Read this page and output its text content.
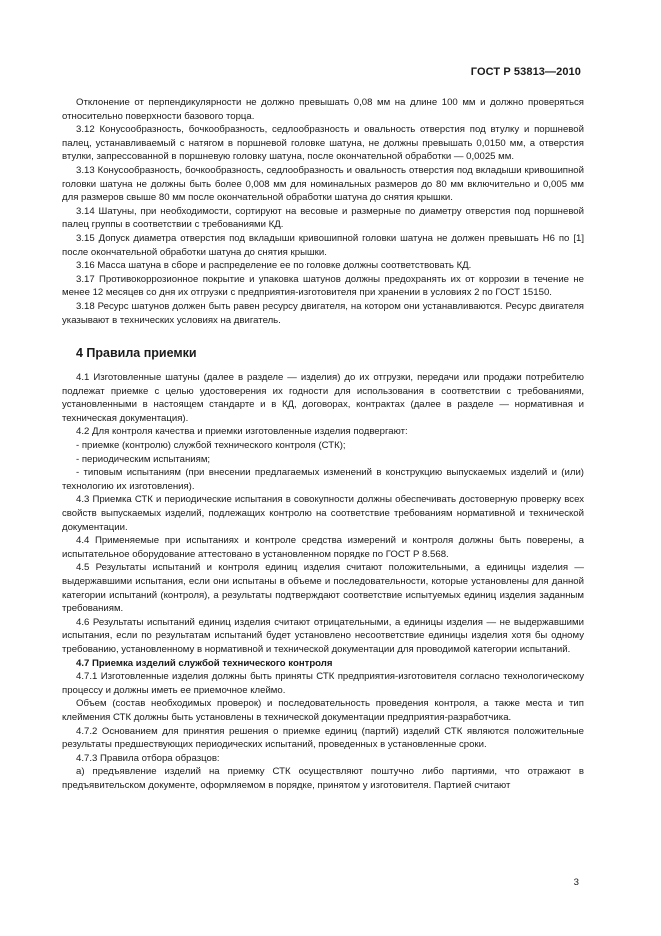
ГОСТ Р 53813—2010

Отклонение от перпендикулярности не должно превышать 0,08 мм на длине 100 мм и должно проверяться относительно поверхности базового торца.

3.12 Конусообразность, бочкообразность, седлообразность и овальность отверстия под втулку и поршневой палец, устанавливаемый с натягом в поршневой головке шатуна, не должны превышать 0,0150 мм, а отверстия втулки, запрессованной в поршневую головку шатуна, после окончательной обработки — 0,0025 мм.

3.13 Конусообразность, бочкообразность, седлообразность и овальность отверстия под вкладыши кривошипной головки шатуна не должны быть более 0,008 мм для номинальных размеров до 80 мм включительно и 0,005 мм для размеров свыше 80 мм после окончательной обработки шатуна до снятия крышки.

3.14 Шатуны, при необходимости, сортируют на весовые и размерные по диаметру отверстия под поршневой палец группы в соответствии с требованиями КД.

3.15 Допуск диаметра отверстия под вкладыши кривошипной головки шатуна не должен превышать Н6 по [1] после окончательной обработки шатуна до снятия крышки.

3.16 Масса шатуна в сборе и распределение ее по головке должны соответствовать КД.

3.17 Противокоррозионное покрытие и упаковка шатунов должны предохранять их от коррозии в течение не менее 12 месяцев со дня их отгрузки с предприятия-изготовителя при хранении в условиях 2 по ГОСТ 15150.

3.18 Ресурс шатунов должен быть равен ресурсу двигателя, на котором они устанавливаются. Ресурс двигателя указывают в технических условиях на двигатель.

4 Правила приемки

4.1 Изготовленные шатуны (далее в разделе — изделия) до их отгрузки, передачи или продажи потребителю подлежат приемке с целью удостоверения их годности для использования в соответствии с требованиями, установленными в настоящем стандарте и в КД, договорах, контрактах (далее в разделе — нормативная и техническая документация).

4.2 Для контроля качества и приемки изготовленные изделия подвергают:

- приемке (контролю) службой технического контроля (СТК);

- периодическим испытаниям;

- типовым испытаниям (при внесении предлагаемых изменений в конструкцию выпускаемых изделий и (или) технологию их изготовления).

4.3 Приемка СТК и периодические испытания в совокупности должны обеспечивать достоверную проверку всех свойств выпускаемых изделий, подлежащих контролю на соответствие требованиям нормативной и технической документации.

4.4 Применяемые при испытаниях и контроле средства измерений и контроля должны быть поверены, а испытательное оборудование аттестовано в установленном порядке по ГОСТ Р 8.568.

4.5 Результаты испытаний и контроля единиц изделия считают положительными, а единицы изделия — выдержавшими испытания, если они испытаны в объеме и последовательности, которые установлены для данной категории испытаний (контроля), а результаты подтверждают соответствие испытуемых единиц изделия заданным требованиям.

4.6 Результаты испытаний единиц изделия считают отрицательными, а единицы изделия — не выдержавшими испытания, если по результатам испытаний будет установлено несоответствие единицы изделия хотя бы одному требованию, установленному в нормативной и технической документации для проводимой категории испытаний.

4.7 Приемка изделий службой технического контроля

4.7.1 Изготовленные изделия должны быть приняты СТК предприятия-изготовителя согласно технологическому процессу и должны иметь ее приемочное клеймо.

Объем (состав необходимых проверок) и последовательность проведения контроля, а также места и тип клеймения СТК должны быть установлены в технической документации предприятия-разработчика.

4.7.2 Основанием для принятия решения о приемке единиц (партий) изделий СТК являются положительные результаты предшествующих периодических испытаний, проведенных в установленные сроки.

4.7.3 Правила отбора образцов:

а) предъявление изделий на приемку СТК осуществляют поштучно либо партиями, что отражают в предъявительском документе, оформляемом в порядке, принятом у изготовителя. Партией считают

3
